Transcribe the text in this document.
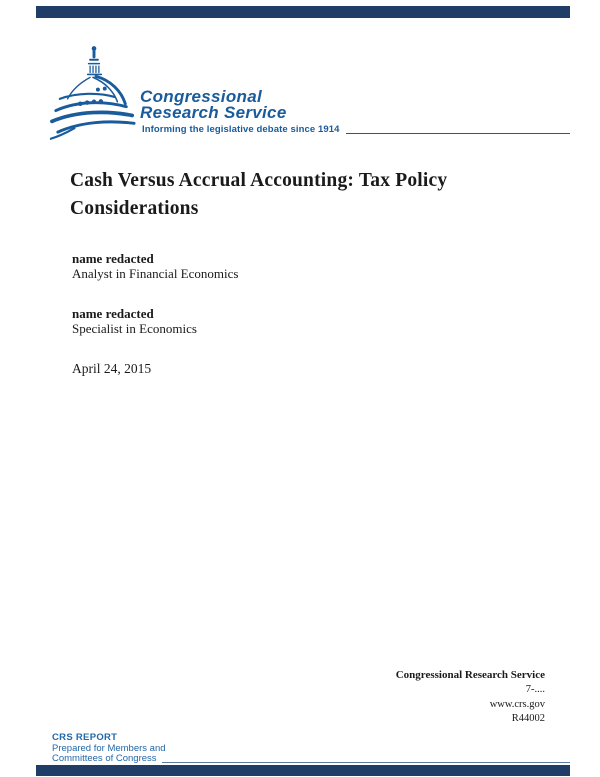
Congressional
Research Service
Informing the legislative debate since 1914
Cash Versus Accrual Accounting: Tax Policy Considerations
name redacted
Analyst in Financial Economics
name redacted
Specialist in Economics
April 24, 2015
Congressional Research Service
7-....
www.crs.gov
R44002
CRS REPORT
Prepared for Members and
Committees of Congress
